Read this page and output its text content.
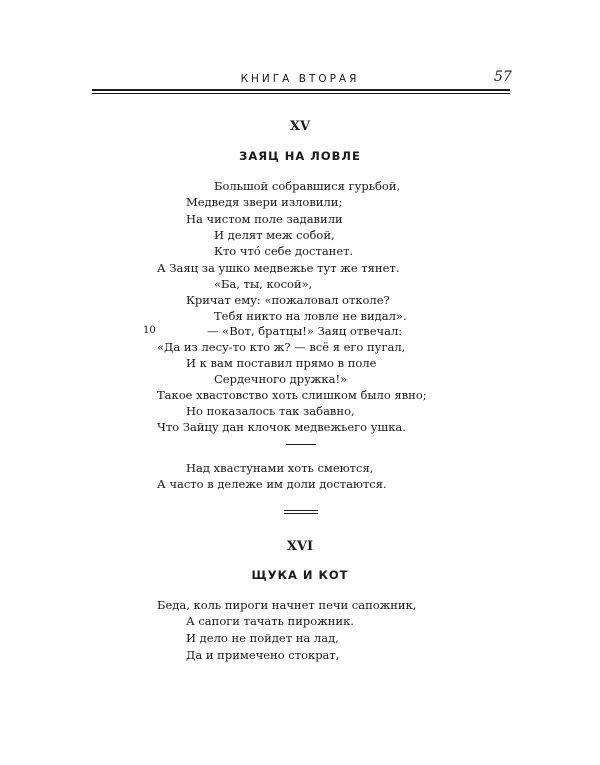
КНИГА ВТОРАЯ	57
XV
ЗАЯЦ НА ЛОВЛЕ
Большой собравшися гурьбой,
Медведя звери изловили;
На чистом поле задавили
И делят меж собой,
Кто что́ себе достанет.
А Заяц за ушко медвежье тут же тянет.
«Ба, ты, косой»,
Кричат ему: «пожаловал отколе?
Тебя никто на ловле не видал».
10	— «Вот, братцы!» Заяц отвечал:
«Да из лесу-то кто ж? — всё я его пугал,
И к вам поставил прямо в поле
Сердечного дружка!»
Такое хвастовство хоть слишком было явно;
Но показалось так забавно,
Что Зайцу дан клочок медвежьего ушка.
Над хвастунами хоть смеются,
А часто в дележе им доли достаются.
XVI
ЩУКА И КОТ
Беда, коль пироги начнет печи сапожник,
А сапоги тачать пирожник.
И дело не пойдет на лад,
Да и примечено стократ,
